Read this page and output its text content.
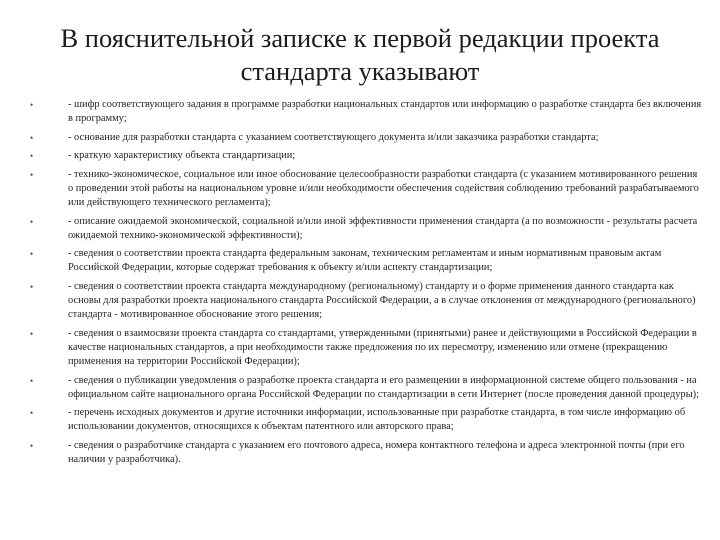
В пояснительной записке к первой редакции проекта стандарта указывают
•	- шифр соответствующего задания в программе разработки национальных стандартов или информацию о разработке стандарта без включения в программу;
•	- основание для разработки стандарта с указанием соответствующего документа и/или заказчика разработки стандарта;
•	- краткую характеристику объекта стандартизации;
•	- технико-экономическое, социальное или иное обоснование целесообразности разработки стандарта (с указанием мотивированного решения о проведении этой работы на национальном уровне и/или необходимости обеспечения содействия соблюдению требований разрабатываемого или действующего технического регламента);
•	- описание ожидаемой экономической, социальной и/или иной эффективности применения стандарта (а по возможности - результаты расчета ожидаемой технико-экономической эффективности);
•	- сведения о соответствии проекта стандарта федеральным законам, техническим регламентам и иным нормативным правовым актам Российской Федерации, которые содержат требования к объекту и/или аспекту стандартизации;
•	- сведения о соответствии проекта стандарта международному (региональному) стандарту и о форме применения данного стандарта как основы для разработки проекта национального стандарта Российской Федерации, а в случае отклонения от международного (регионального) стандарта - мотивированное обоснование этого решения;
•	- сведения о взаимосвязи проекта стандарта со стандартами, утвержденными (принятыми) ранее и действующими в Российской Федерации в качестве национальных стандартов, а при необходимости также предложения по их пересмотру, изменению или отмене (прекращению применения на территории Российской Федерации);
•	- сведения о публикации уведомления о разработке проекта стандарта и его размещении в информационной системе общего пользования - на официальном сайте национального органа Российской Федерации по стандартизации в сети Интернет (после проведения данной процедуры);
•	- перечень исходных документов и другие источники информации, использованные при разработке стандарта, в том числе информацию об использовании документов, относящихся к объектам патентного или авторского права;
•	- сведения о разработчике стандарта с указанием его почтового адреса, номера контактного телефона и адреса электронной почты (при его наличии у разработчика).
